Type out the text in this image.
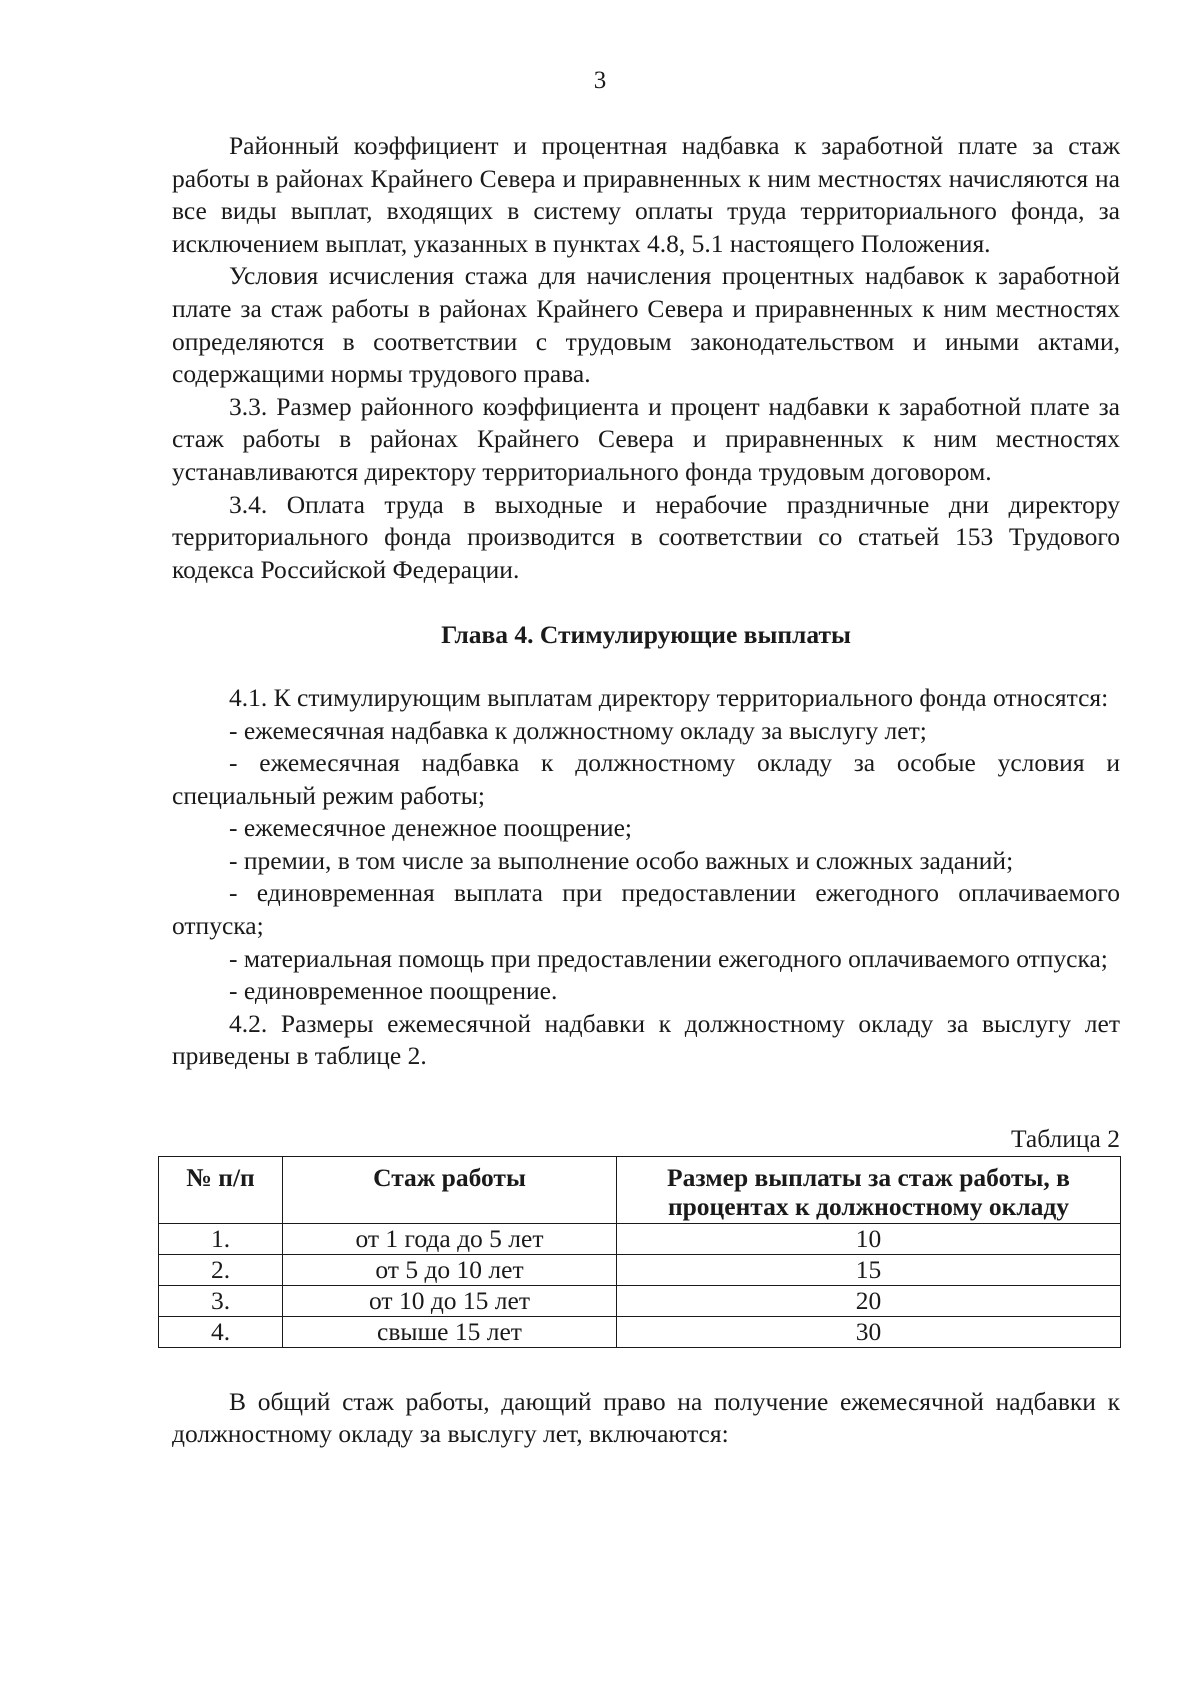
3

Районный коэффициент и процентная надбавка к заработной плате за стаж работы в районах Крайнего Севера и приравненных к ним местностях начисляются на все виды выплат, входящих в систему оплаты труда территориального фонда, за исключением выплат, указанных в пунктах 4.8, 5.1 настоящего Положения.

Условия исчисления стажа для начисления процентных надбавок к заработной плате за стаж работы в районах Крайнего Севера и приравненных к ним местностях определяются в соответствии с трудовым законодательством и иными актами, содержащими нормы трудового права.

3.3. Размер районного коэффициента и процент надбавки к заработной плате за стаж работы в районах Крайнего Севера и приравненных к ним местностях устанавливаются директору территориального фонда трудовым договором.

3.4. Оплата труда в выходные и нерабочие праздничные дни директору территориального фонда производится в соответствии со статьей 153 Трудового кодекса Российской Федерации.

Глава 4. Стимулирующие выплаты

4.1. К стимулирующим выплатам директору территориального фонда относятся:

- ежемесячная надбавка к должностному окладу за выслугу лет;

- ежемесячная надбавка к должностному окладу за особые условия и специальный режим работы;

- ежемесячное денежное поощрение;

- премии, в том числе за выполнение особо важных и сложных заданий;

- единовременная выплата при предоставлении ежегодного оплачиваемого отпуска;

- материальная помощь при предоставлении ежегодного оплачиваемого отпуска;

- единовременное поощрение.

4.2. Размеры ежемесячной надбавки к должностному окладу за выслугу лет приведены в таблице 2.

Таблица 2

№ п/п	Стаж работы	Размер выплаты за стаж работы, в процентах к должностному окладу
1.	от 1 года до 5 лет	10
2.	от 5 до 10 лет	15
3.	от 10 до 15 лет	20
4.	свыше 15 лет	30

В общий стаж работы, дающий право на получение ежемесячной надбавки к должностному окладу за выслугу лет, включаются:
